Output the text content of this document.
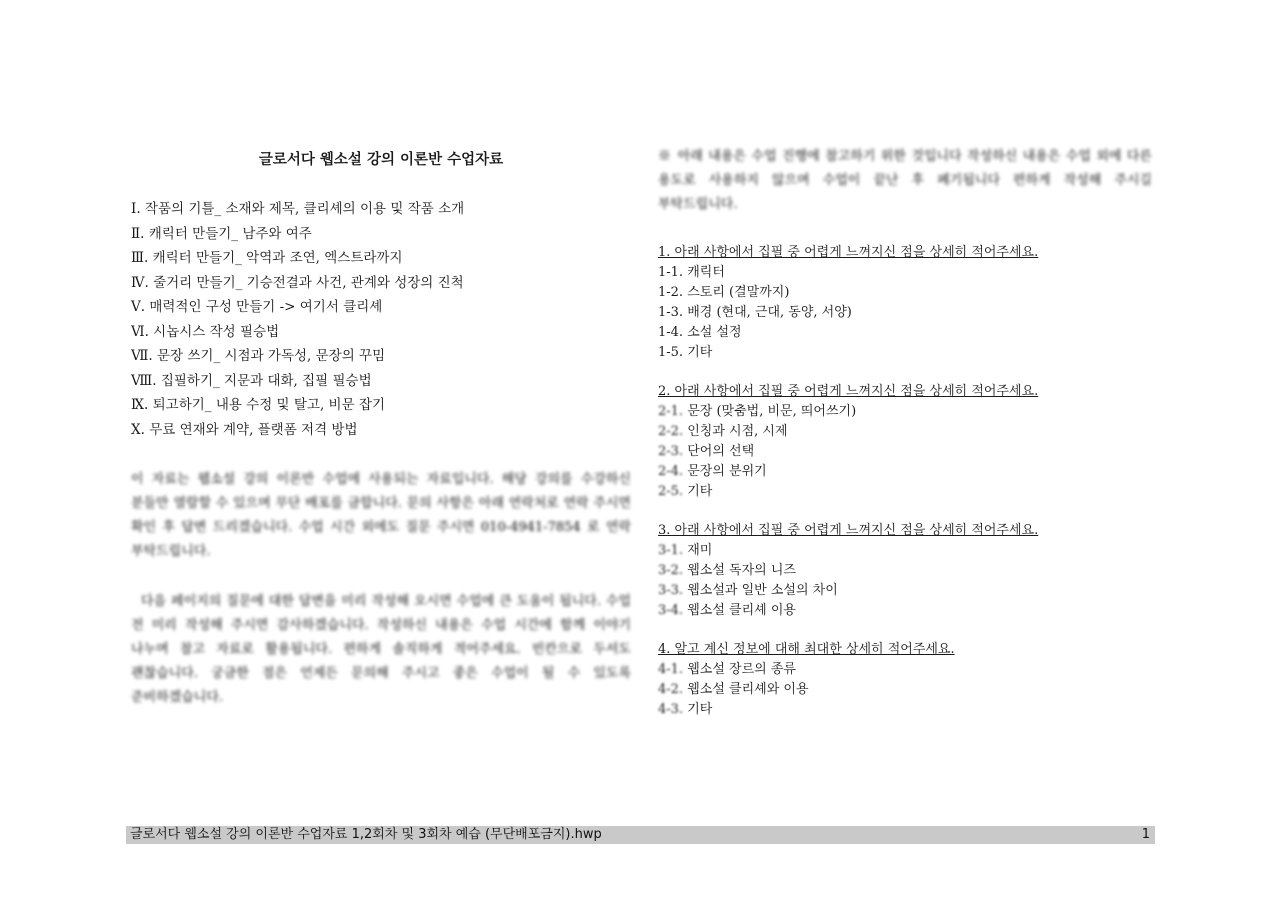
글로서다 웹소설 강의 이론반 수업자료
Ⅰ. 작품의 기틀_ 소재와 제목, 클리셰의 이용 및 작품 소개
Ⅱ. 캐릭터 만들기_ 남주와 여주
Ⅲ. 캐릭터 만들기_ 악역과 조연, 엑스트라까지
Ⅳ. 줄거리 만들기_ 기승전결과 사건, 관계와 성장의 진척
Ⅴ. 매력적인 구성 만들기 -> 여기서 클리셰
Ⅵ. 시놉시스 작성 필승법
Ⅶ. 문장 쓰기_ 시점과 가독성, 문장의 꾸밈
Ⅷ. 집필하기_ 지문과 대화, 집필 필승법
Ⅸ. 퇴고하기_ 내용 수정 및 탈고, 비문 잡기
Ⅹ. 무료 연재와 계약, 플랫폼 저격 방법
이 자료는 웹소설 강의 이론반 수업에 사용되는 자료입니다. 해당 강의를 수강하신 분들만 열람할 수 있으며 무단 배포를 금합니다. 문의 사항은 아래 연락처로 연락 주시면 확인 후 답변 드리겠습니다. 수업 시간 외에도 질문 주시면 010-4941-7854 로 연락 부탁드립니다.
다음 페이지의 질문에 대한 답변을 미리 작성해 오시면 수업에 큰 도움이 됩니다. 수업 전 미리 작성해 주시면 감사하겠습니다. 작성하신 내용은 수업 시간에 함께 이야기 나누며 참고 자료로 활용됩니다. 편하게 솔직하게 적어주세요. 빈칸으로 두셔도 괜찮습니다. 궁금한 점은 언제든 문의해 주시고 좋은 수업이 될 수 있도록 준비하겠습니다.
※ 아래 내용은 수업 진행에 참고하기 위한 것입니다 작성하신 내용은 수업 외에 다른 용도로 사용하지 않으며 수업이 끝난 후 폐기됩니다 편하게 작성해 주시길 부탁드립니다.
1. 아래 사항에서 집필 중 어렵게 느껴지신 점을 상세히 적어주세요.
1-1. 캐릭터
1-2. 스토리 (결말까지)
1-3. 배경 (현대, 근대, 동양, 서양)
1-4. 소설 설정
1-5. 기타
2. 아래 사항에서 집필 중 어렵게 느껴지신 점을 상세히 적어주세요.
2-1. 문장 (맞춤법, 비문, 띄어쓰기)
2-2. 인칭과 시점, 시제
2-3. 단어의 선택
2-4. 문장의 분위기
2-5. 기타
3. 아래 사항에서 집필 중 어렵게 느껴지신 점을 상세히 적어주세요.
3-1. 재미
3-2. 웹소설 독자의 니즈
3-3. 웹소설과 일반 소설의 차이
3-4. 웹소설 클리셰 이용
4. 알고 계신 정보에 대해 최대한 상세히 적어주세요.
4-1. 웹소설 장르의 종류
4-2. 웹소설 클리셰와 이용
4-3. 기타
글로서다 웹소설 강의 이론반 수업자료 1,2회차 및 3회차 예습 (무단배포금지).hwp	1
